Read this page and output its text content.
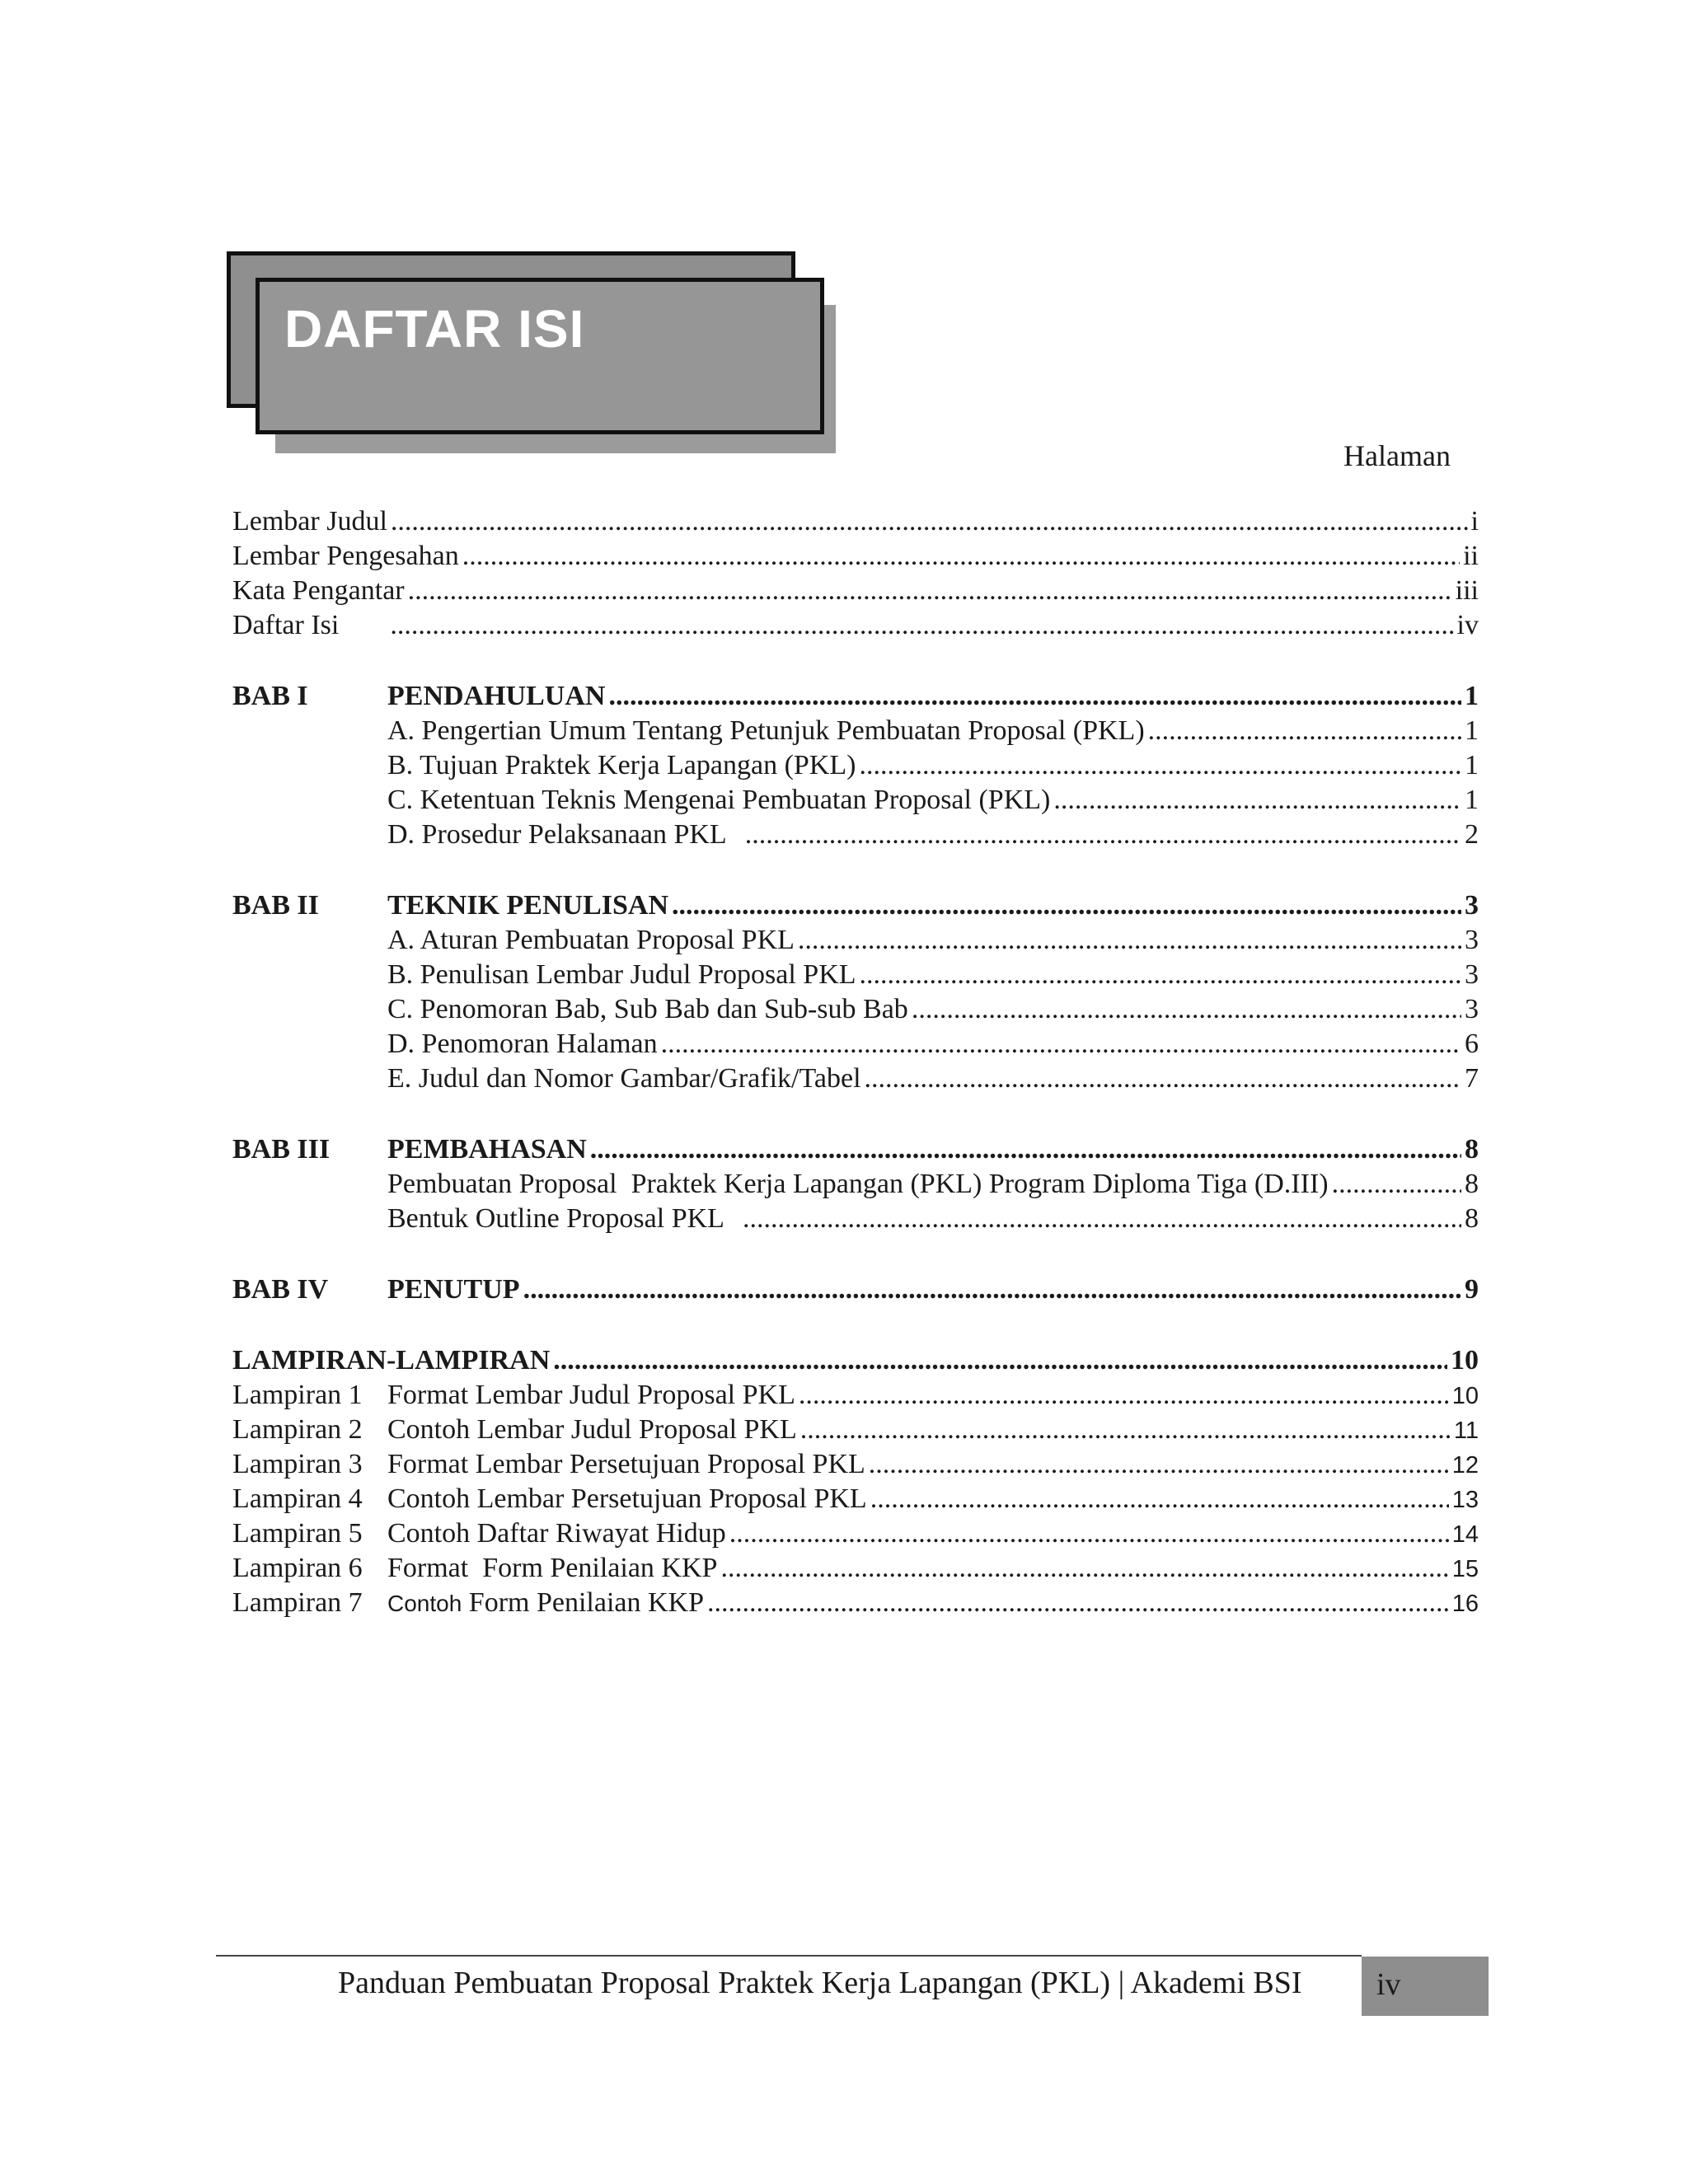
DAFTAR ISI
Halaman
Lembar Judul .....	i
Lembar Pengesahan .....	ii
Kata Pengantar .....	iii
Daftar Isi .....	iv
BAB I	PENDAHULUAN .....	1
A. Pengertian Umum Tentang Petunjuk Pembuatan Proposal (PKL) .....	1
B. Tujuan Praktek Kerja Lapangan (PKL) .....	1
C. Ketentuan Teknis Mengenai Pembuatan Proposal (PKL) .....	1
D. Prosedur Pelaksanaan PKL .....	2
BAB II	TEKNIK PENULISAN .....	3
A. Aturan Pembuatan Proposal PKL .....	3
B. Penulisan Lembar Judul Proposal PKL .....	3
C. Penomoran Bab, Sub Bab dan Sub-sub Bab .....	3
D. Penomoran Halaman .....	6
E. Judul dan Nomor Gambar/Grafik/Tabel .....	7
BAB III	PEMBAHASAN .....	8
Pembuatan Proposal  Praktek Kerja Lapangan (PKL) Program Diploma Tiga (D.III) .....	8
Bentuk Outline Proposal PKL .....	8
BAB IV	PENUTUP .....	9
LAMPIRAN-LAMPIRAN .....	10
Lampiran 1 Format Lembar Judul Proposal PKL .....	10
Lampiran 2 Contoh Lembar Judul Proposal PKL .....	11
Lampiran 3 Format Lembar Persetujuan Proposal PKL .....	12
Lampiran 4 Contoh Lembar Persetujuan Proposal PKL .....	13
Lampiran 5 Contoh Daftar Riwayat Hidup .....	14
Lampiran 6 Format  Form Penilaian KKP .....	15
Lampiran 7	Contoh Form Penilaian KKP .....	16
Panduan Pembuatan Proposal Praktek Kerja Lapangan (PKL) | Akademi BSI iv
